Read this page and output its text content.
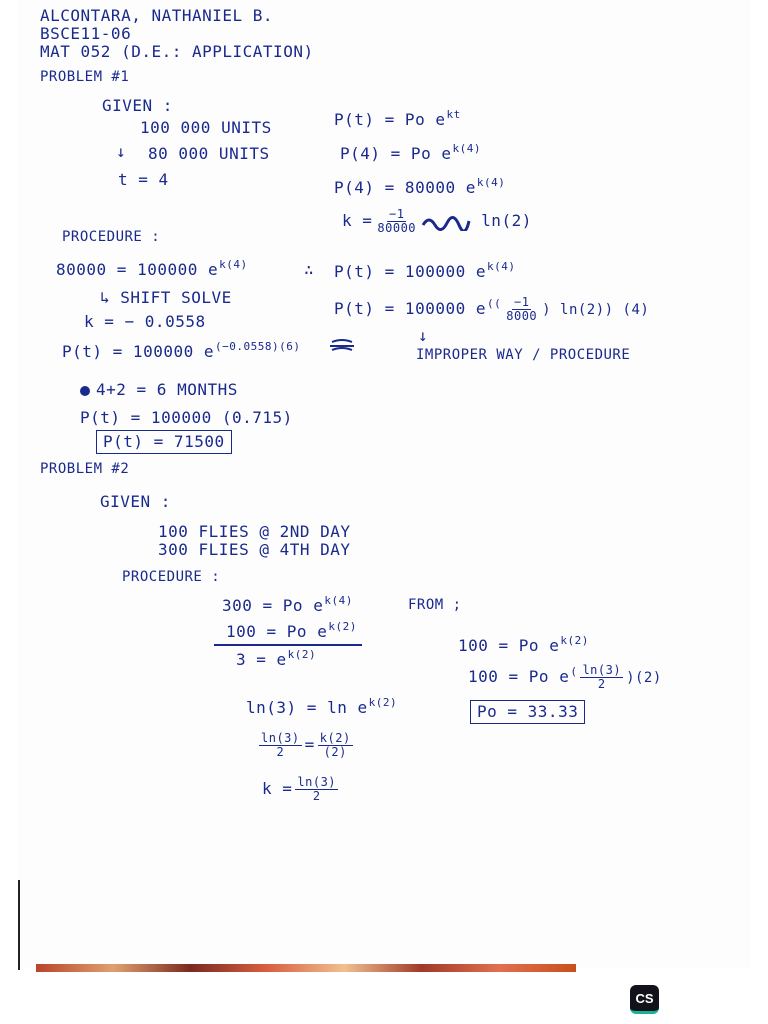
ALCONTARA, NATHANIEL B.
BSCE11-06
MAT 052 (D.E.: APPLICATION)
PROBLEM #1
GIVEN :
100 000 UNITS
↓ 80 000 UNITS
t = 4
P(t) = Po $e^{kt}$
P(4) = Po $e^{k(4)}$
P(4) = 80000 $e^{k(4)}$
$k = \frac{-1}{80000}$	ln(2)
PROCEDURE :
80000 = 100000 $e^{k(4)}$
↳ SHIFT SOLVE
k = − 0.0558
P(t) = 100000 $e^{(-0.0558)(6)}$
∴ P(t) = 100000 $e^{k(4)}$
P(t) = 100000 $e^{((} \frac{-1}{8000}$ ) ln(2)) (4)
↓
IMPROPER WAY / PROCEDURE
4+2 = 6 MONTHS
P(t) = 100000 (0.715)
P(t) = 71500
PROBLEM #2
GIVEN :
100 FLIES @ 2ND DAY
300 FLIES @ 4TH DAY
PROCEDURE :
300 = Po $e^{k(4)}$
100 = Po $e^{k(2)}$
$3 = e^{k(2)}$
$\ln(3) = \ln e^{k(2)}$
$\frac{\ln(3)}{2} = \frac{k(2)}{(2)}$
$k = \frac{\ln(3)}{2}$
FROM ;
100 = Po $e^{k(2)}$
100 = Po $e^( \frac{\ln(3)}{2} )(2)$
Po = 33.33
CS
